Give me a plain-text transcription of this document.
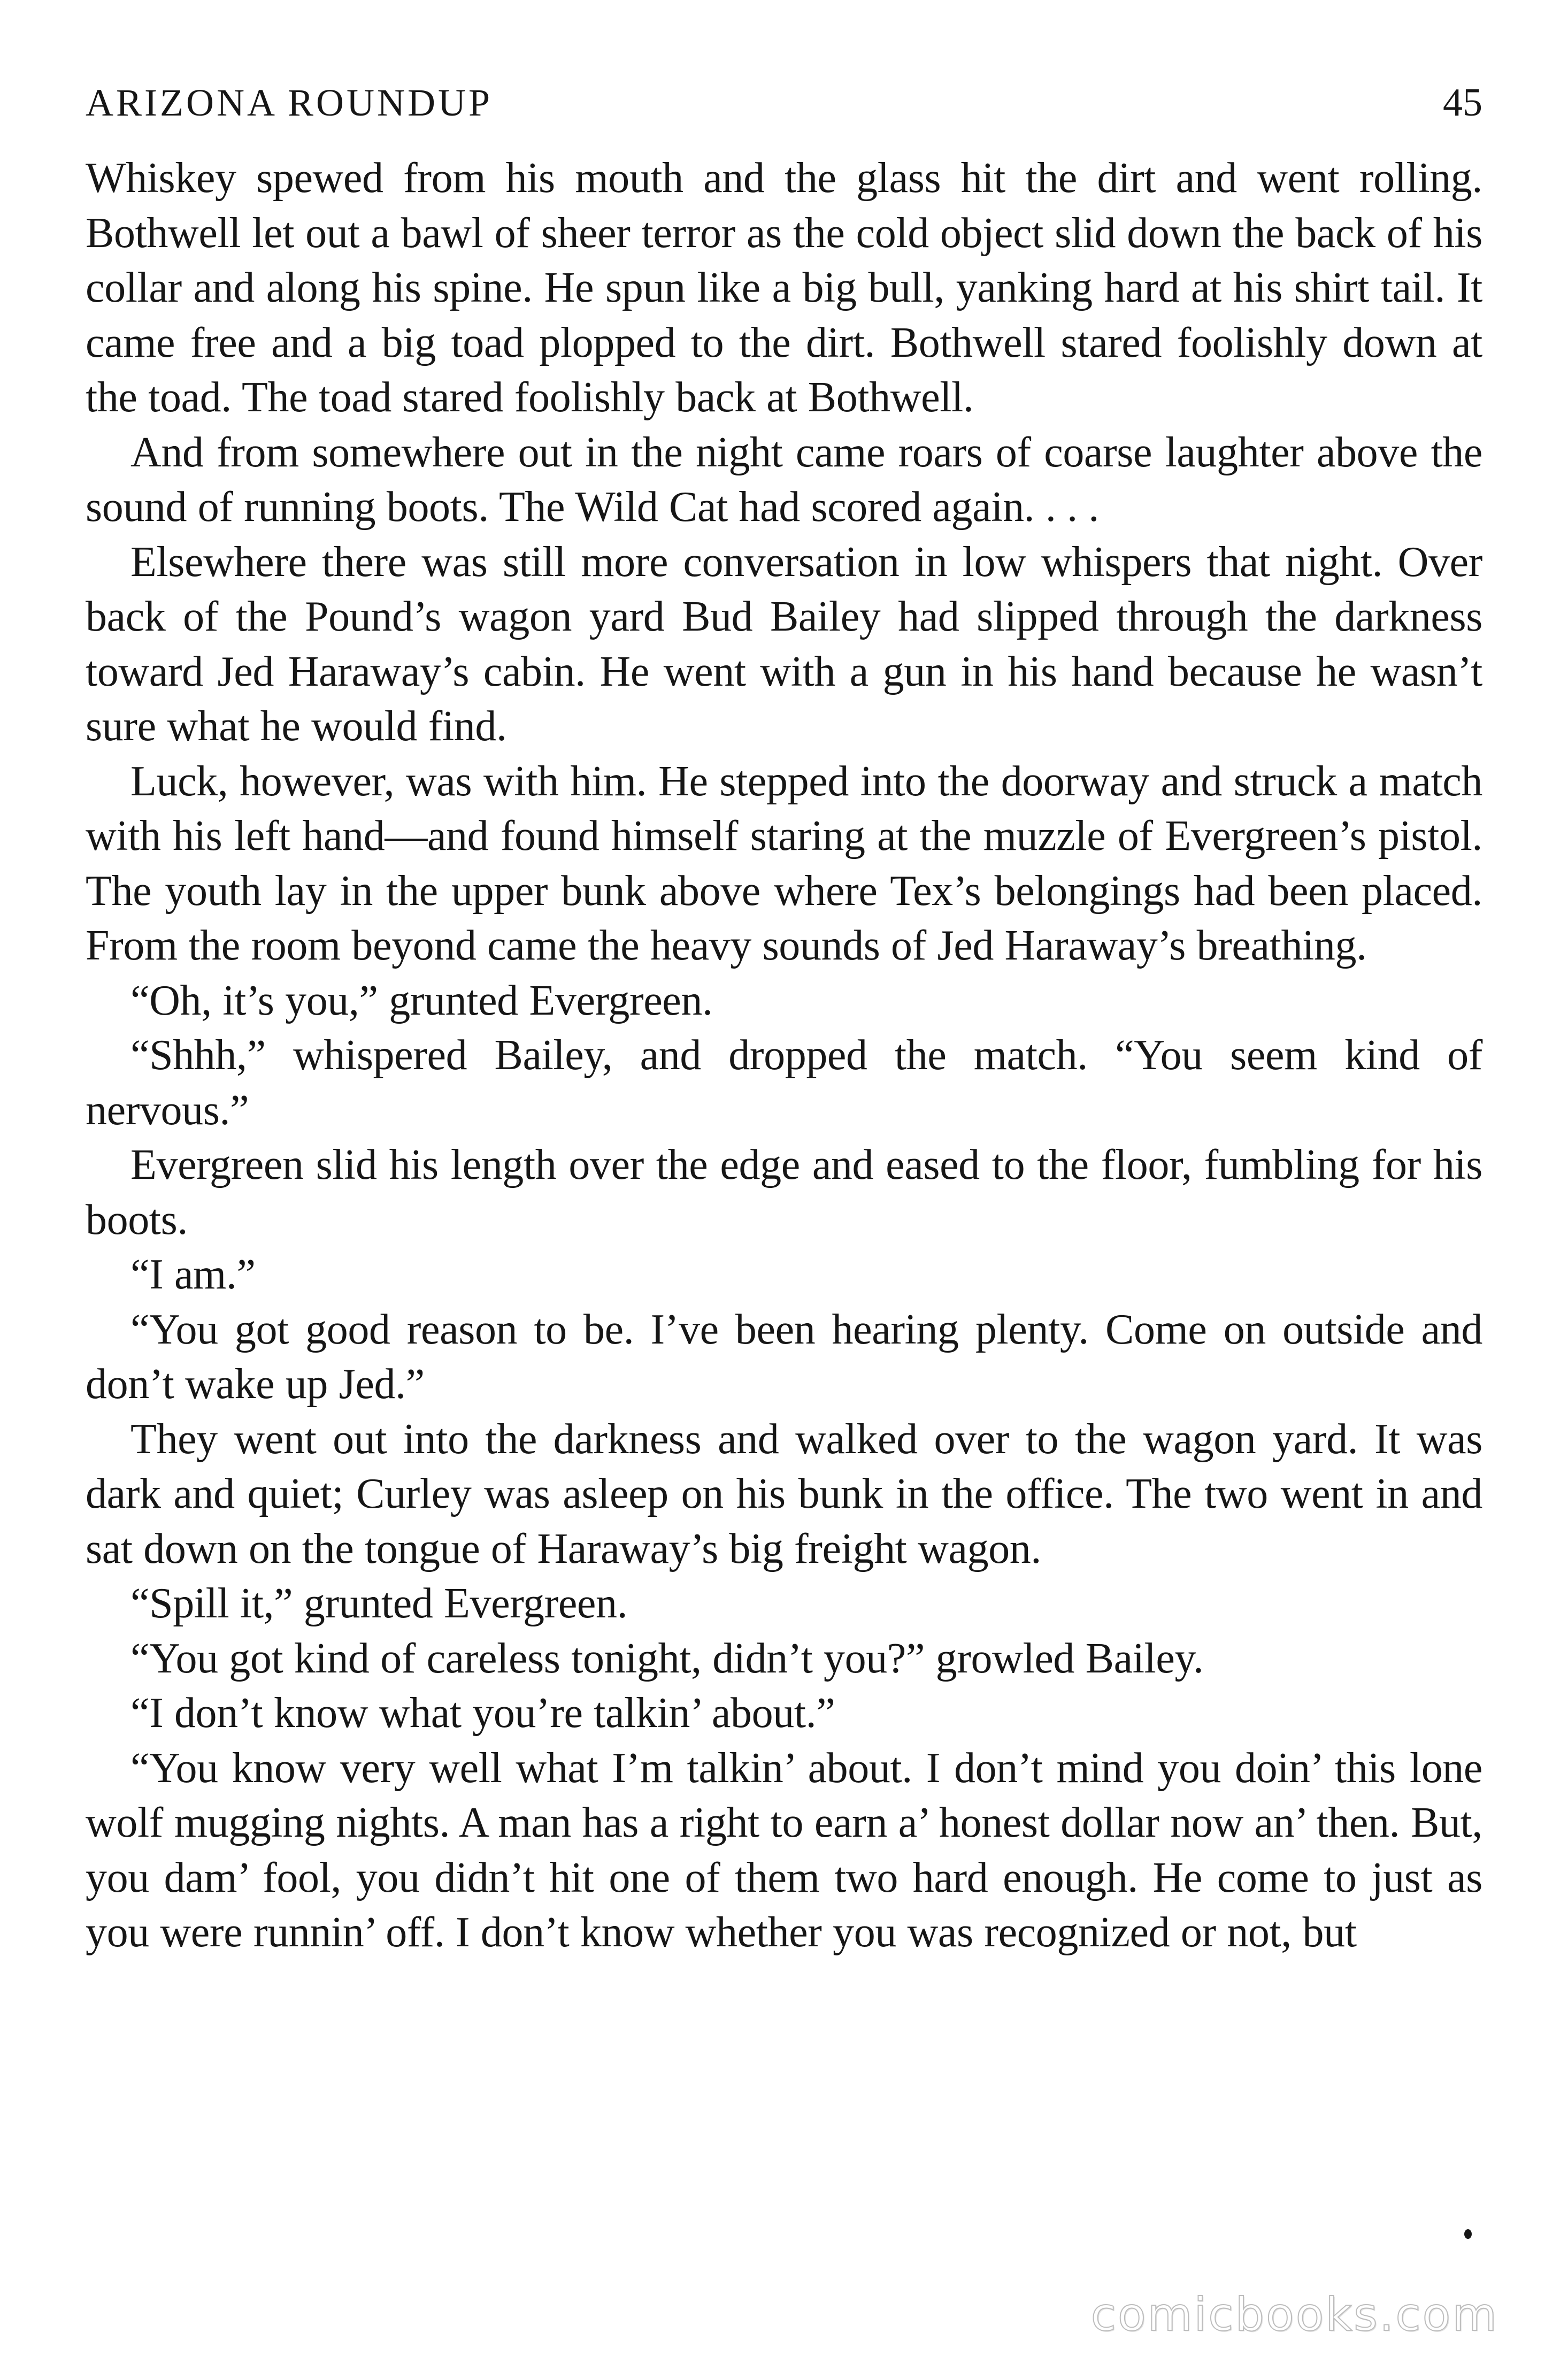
ARIZONA ROUNDUP	45

Whiskey spewed from his mouth and the glass hit the dirt and went rolling. Bothwell let out a bawl of sheer terror as the cold object slid down the back of his collar and along his spine. He spun like a big bull, yanking hard at his shirt tail. It came free and a big toad plopped to the dirt. Bothwell stared foolishly down at the toad. The toad stared foolishly back at Bothwell.

And from somewhere out in the night came roars of coarse laughter above the sound of running boots. The Wild Cat had scored again. . . .

Elsewhere there was still more conversation in low whispers that night. Over back of the Pound’s wagon yard Bud Bailey had slipped through the darkness toward Jed Haraway’s cabin. He went with a gun in his hand because he wasn’t sure what he would find.

Luck, however, was with him. He stepped into the doorway and struck a match with his left hand—and found himself staring at the muzzle of Evergreen’s pistol. The youth lay in the upper bunk above where Tex’s belongings had been placed. From the room beyond came the heavy sounds of Jed Haraway’s breathing.

“Oh, it’s you,” grunted Evergreen.

“Shhh,” whispered Bailey, and dropped the match. “You seem kind of nervous.”

Evergreen slid his length over the edge and eased to the floor, fumbling for his boots.

“I am.”

“You got good reason to be. I’ve been hearing plenty. Come on outside and don’t wake up Jed.”

They went out into the darkness and walked over to the wagon yard. It was dark and quiet; Curley was asleep on his bunk in the office. The two went in and sat down on the tongue of Haraway’s big freight wagon.

“Spill it,” grunted Evergreen.

“You got kind of careless tonight, didn’t you?” growled Bailey.

“I don’t know what you’re talkin’ about.”

“You know very well what I’m talkin’ about. I don’t mind you doin’ this lone wolf mugging nights. A man has a right to earn a’ honest dollar now an’ then. But, you dam’ fool, you didn’t hit one of them two hard enough. He come to just as you were runnin’ off. I don’t know whether you was recognized or not, but

comicbooks.com
